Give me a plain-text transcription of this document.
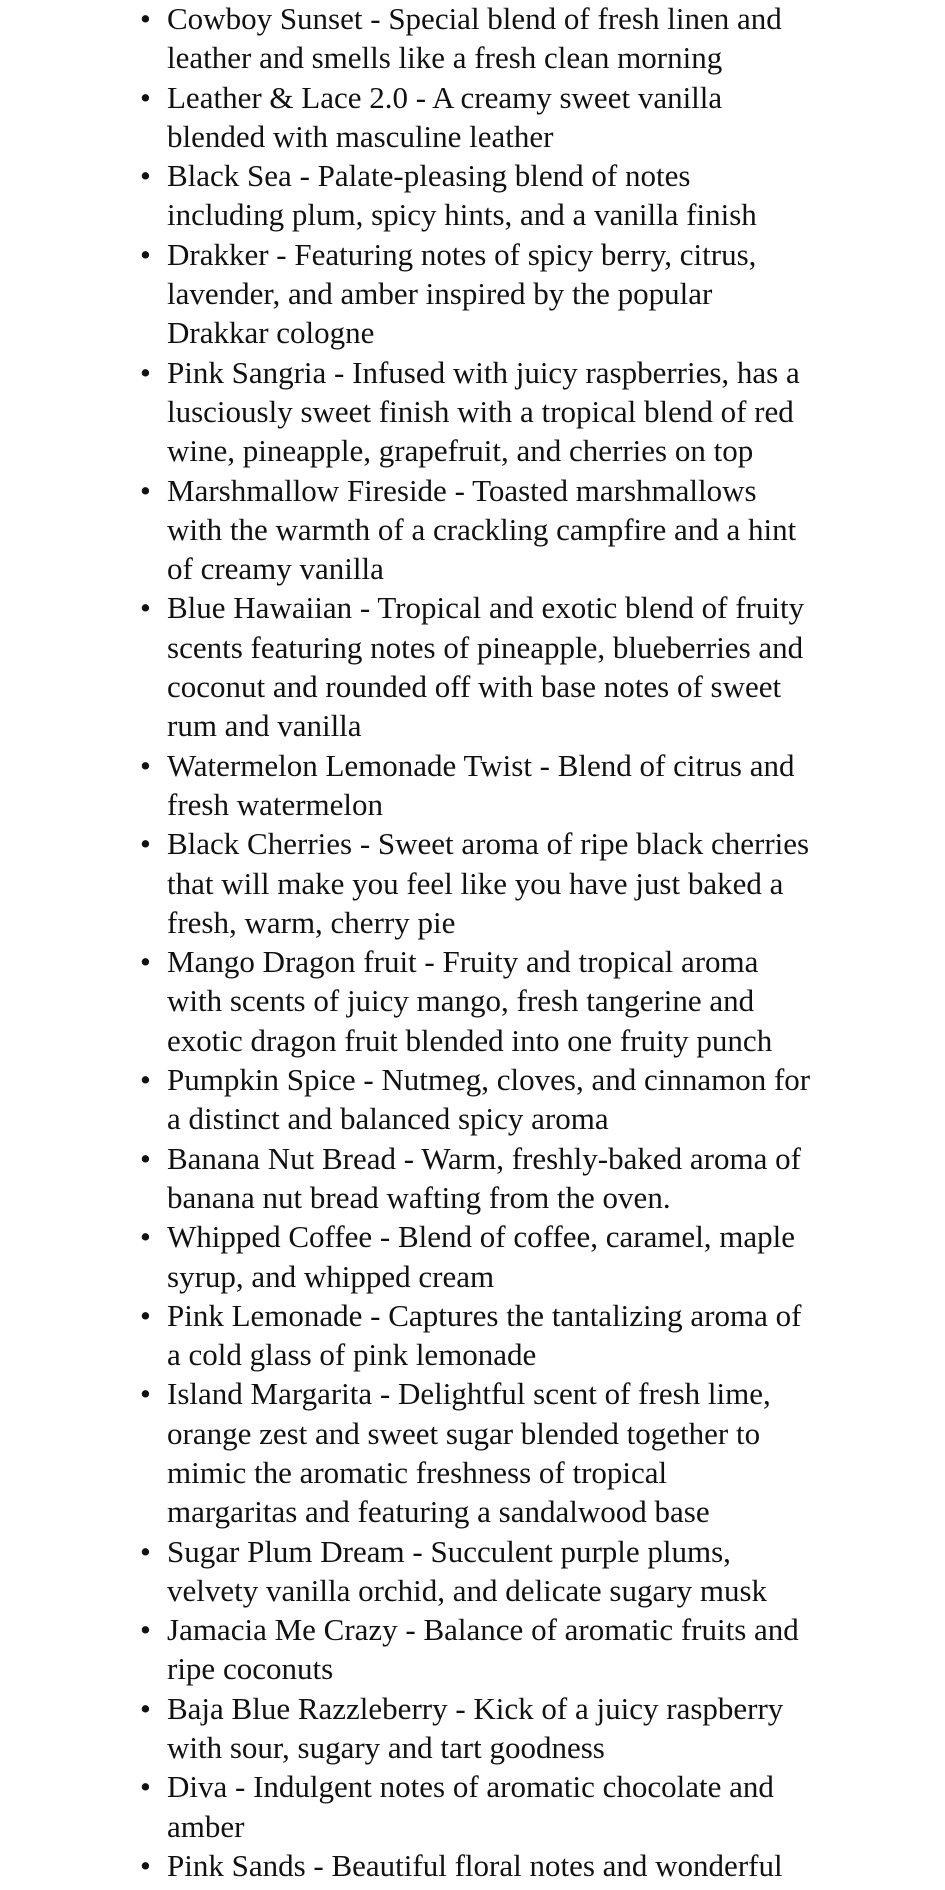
• Cowboy Sunset - Special blend of fresh linen and
leather and smells like a fresh clean morning
• Leather & Lace 2.0 - A creamy sweet vanilla
blended with masculine leather
• Black Sea - Palate-pleasing blend of notes
including plum, spicy hints, and a vanilla finish
• Drakker - Featuring notes of spicy berry, citrus,
lavender, and amber inspired by the popular
Drakkar cologne
• Pink Sangria - Infused with juicy raspberries, has a
lusciously sweet finish with a tropical blend of red
wine, pineapple, grapefruit, and cherries on top
• Marshmallow Fireside - Toasted marshmallows
with the warmth of a crackling campfire and a hint
of creamy vanilla
• Blue Hawaiian - Tropical and exotic blend of fruity
scents featuring notes of pineapple, blueberries and
coconut and rounded off with base notes of sweet
rum and vanilla
• Watermelon Lemonade Twist - Blend of citrus and
fresh watermelon
• Black Cherries - Sweet aroma of ripe black cherries
that will make you feel like you have just baked a
fresh, warm, cherry pie
• Mango Dragon fruit - Fruity and tropical aroma
with scents of juicy mango, fresh tangerine and
exotic dragon fruit blended into one fruity punch
• Pumpkin Spice - Nutmeg, cloves, and cinnamon for
a distinct and balanced spicy aroma
• Banana Nut Bread - Warm, freshly-baked aroma of
banana nut bread wafting from the oven.
• Whipped Coffee - Blend of coffee, caramel, maple
syrup, and whipped cream
• Pink Lemonade - Captures the tantalizing aroma of
a cold glass of pink lemonade
• Island Margarita - Delightful scent of fresh lime,
orange zest and sweet sugar blended together to
mimic the aromatic freshness of tropical
margaritas and featuring a sandalwood base
• Sugar Plum Dream - Succulent purple plums,
velvety vanilla orchid, and delicate sugary musk
• Jamacia Me Crazy - Balance of aromatic fruits and
ripe coconuts
• Baja Blue Razzleberry - Kick of a juicy raspberry
with sour, sugary and tart goodness
• Diva - Indulgent notes of aromatic chocolate and
amber
• Pink Sands - Beautiful floral notes and wonderful
